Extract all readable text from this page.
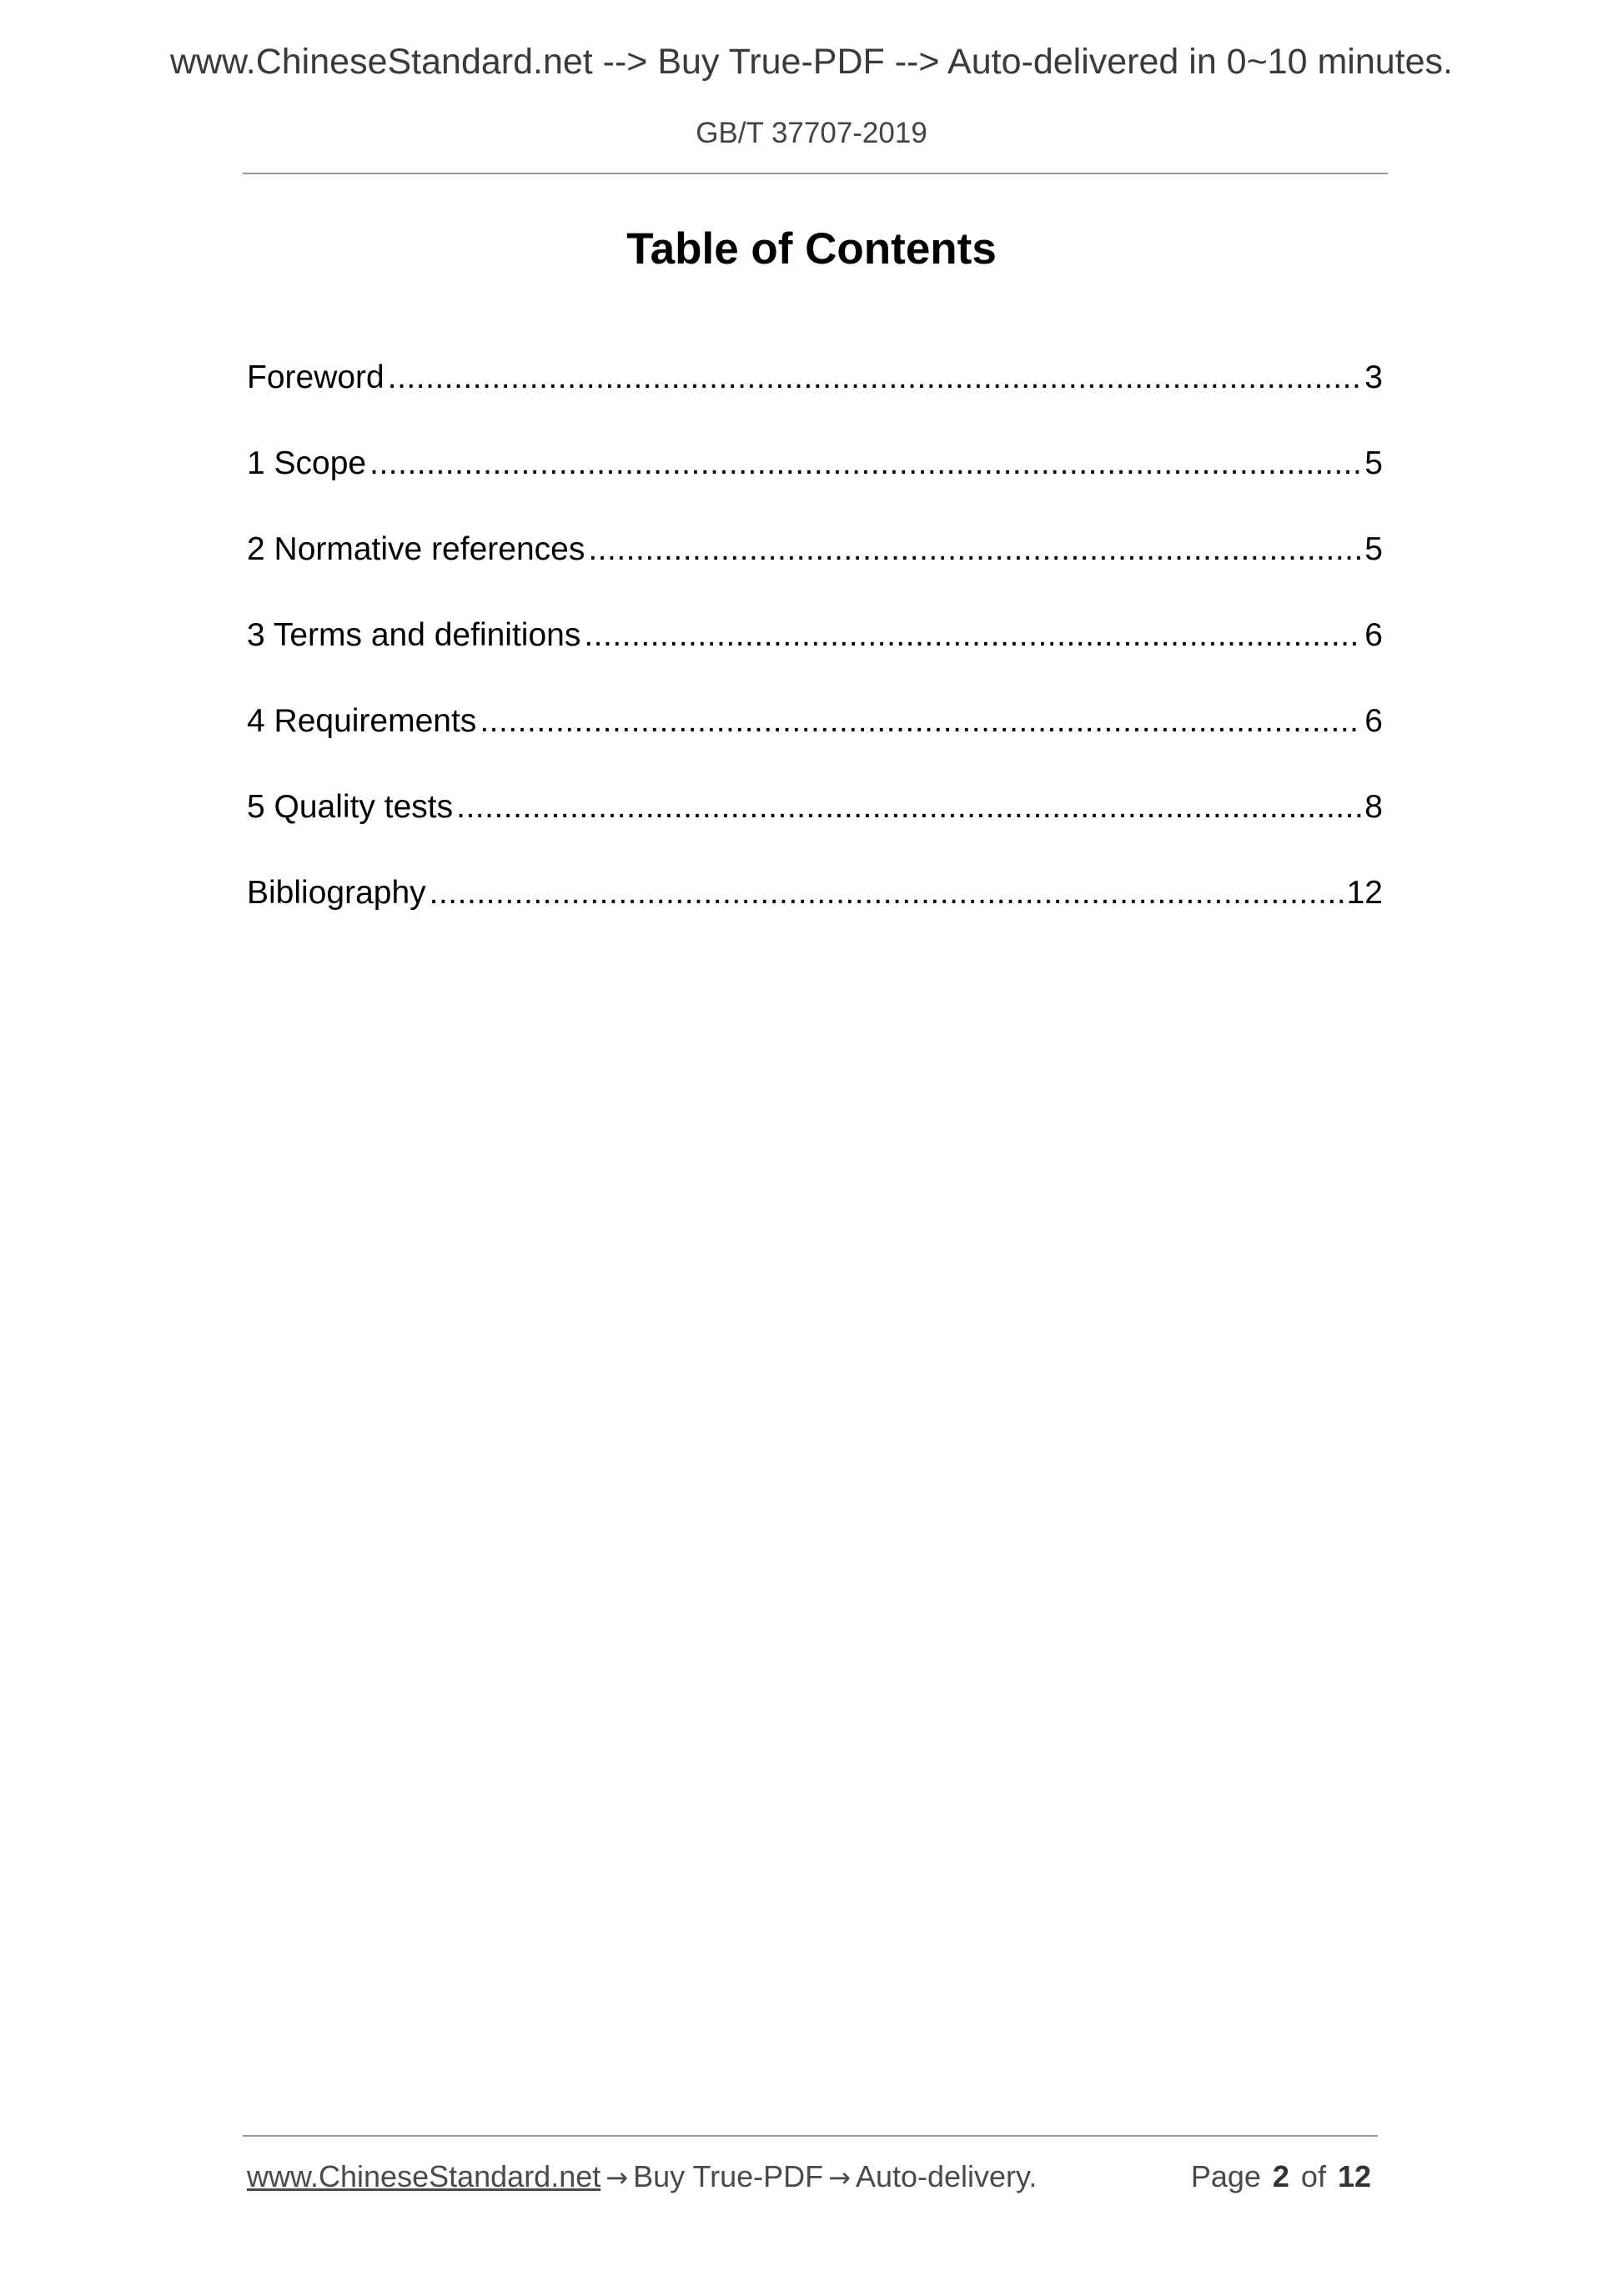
www.ChineseStandard.net --> Buy True-PDF --> Auto-delivered in 0~10 minutes.
GB/T 37707-2019
Table of Contents
Foreword .....	3
1 Scope .....	5
2 Normative references .....	5
3 Terms and definitions .....	6
4 Requirements .....	6
5 Quality tests .....	8
Bibliography .....	12
www.ChineseStandard.net → Buy True-PDF → Auto-delivery.	Page 2 of 12
